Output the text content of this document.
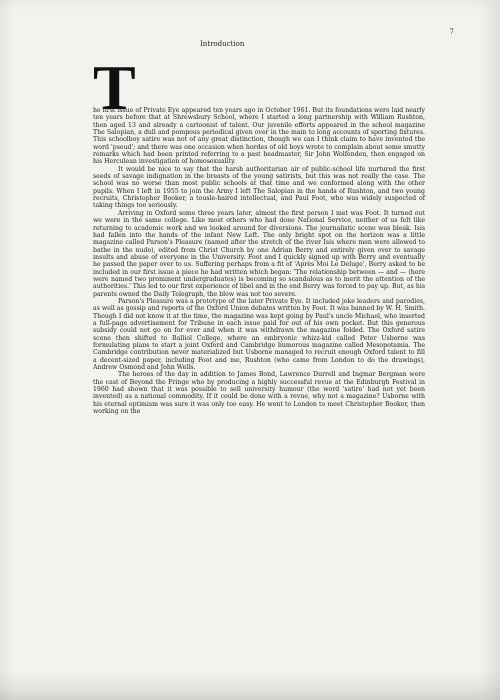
Introduction
7
T

he first issue of Private Eye appeared ten years ago in October 1961. But its foundations were laid nearly ten years before that at Shrewsbury School, where I started a long partnership with William Rushton, then aged 13 and already a cartoonist of talent. Our juvenile efforts appeared in the school magazine The Salopian, a dull and pompous periodical given over in the main to long accounts of sporting fixtures. This schoolboy satire was not of any great distinction, though we can I think claim to have invented the word 'pseud'; and there was one occasion when hordes of old boys wrote to complain about some smutty remarks which had been printed referring to a past headmaster, Sir John Wolfenden, then engaged on his Herculean investigation of homosexuality.

It would be nice to say that the harsh authoritarian air of public-school life nurtured the first seeds of savage indignation in the breasts of the young satirists, but this was not really the case. The school was no worse than most public schools at that time and we conformed along with the other pupils. When I left in 1955 to join the Army I left The Salopian in the hands of Rushton, and two young recruits, Christopher Booker, a tousle-haired intellectual, and Paul Foot, who was widely suspected of taking things too seriously.

Arriving in Oxford some three years later, almost the first person I met was Foot. It turned out we were in the same college. Like most others who had done National Service, neither of us felt like returning to academic work and we looked around for diversions. The journalistic scene was bleak. Isis had fallen into the hands of the infant New Left. The only bright spot on the horizon was a little magazine called Parson's Pleasure (named after the stretch of the river Isis where men were allowed to bathe in the nude), edited from Christ Church by one Adrian Berry and entirely given over to savage insults and abuse of everyone in the University. Foot and I quickly signed up with Berry and eventually he passed the paper over to us. Suffering perhaps from a fit of 'Après Moi Le Deluge', Berry asked to be included in our first issue a piece he had written which began: 'The relationship between — and — (here were named two prominent undergraduates) is becoming so scandalous as to merit the attention of the authorities.' This led to our first experience of libel and in the end Berry was forced to pay up. But, as his parents owned the Daily Telegraph, the blow was not too severe.

Parson's Pleasure was a prototype of the later Private Eye. It included joke leaders and parodies, as well as gossip and reports of the Oxford Union debates written by Foot. It was banned by W. H. Smith. Though I did not know it at the time, the magazine was kept going by Paul's uncle Michael, who inserted a full-page advertisement for Tribune in each issue paid for out of his own pocket. But this generous subsidy could not go on for ever and when it was withdrawn the magazine folded. The Oxford satire scene then shifted to Balliol College, where an embryonic whizz-kid called Peter Usborne was formulating plans to start a joint Oxford and Cambridge humorous magazine called Mesopotamia. The Cambridge contribution never materialized but Usborne managed to recruit enough Oxford talent to fill a decent-sized paper, including Foot and me, Rushton (who came from London to do the drawings), Andrew Osmond and John Wells.

The heroes of the day in addition to James Bond, Lawrence Durrell and Ingmar Bergman were the cast of Beyond the Fringe who by producing a highly successful revue at the Edinburgh Festival in 1960 had shown that it was possible to sell university humour (the word 'satire' had not yet been invented) as a national commodity. If it could be done with a revue, why not a magazine? Usborne with his eternal optimism was sure it was only too easy. He went to London to meet Christopher Booker, then working on the
